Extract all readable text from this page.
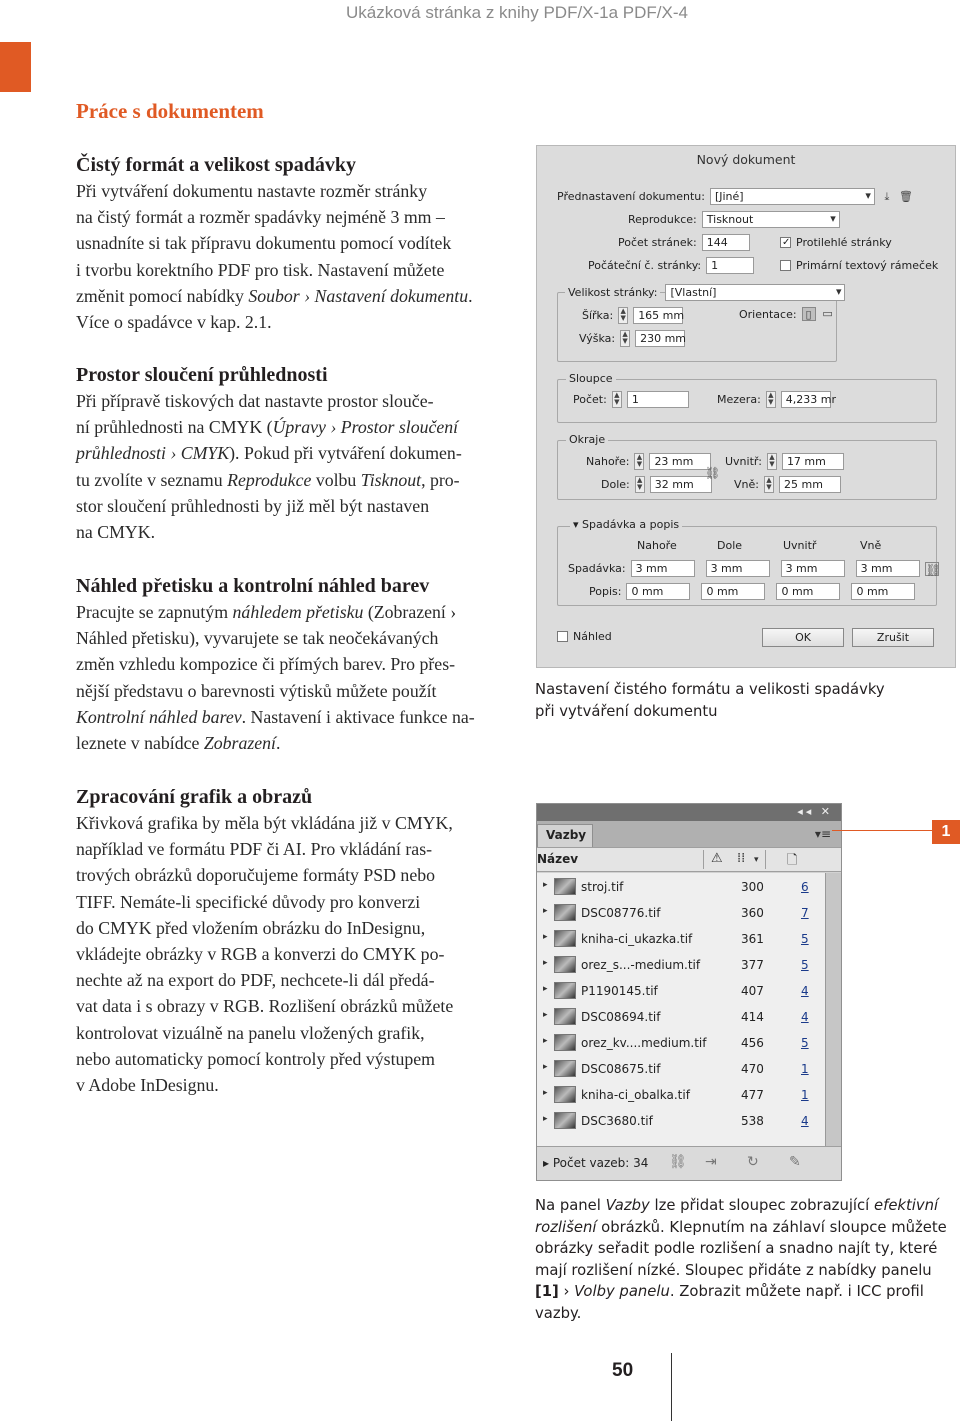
Ukázková stránka z knihy PDF/X-1a PDF/X-4
Práce s dokumentem
Čistý formát a velikost spadávky

Při vytváření dokumentu nastavte rozměr stránky
na čistý formát a rozměr spadávky nejméně 3 mm –
usnadníte si tak přípravu dokumentu pomocí vodítek
i tvorbu korektního PDF pro tisk. Nastavení můžete
změnit pomocí nabídky Soubor › Nastavení dokumentu.
Více o spadávce v kap. 2.1.

Prostor sloučení průhlednosti

Při přípravě tiskových dat nastavte prostor slouče-
ní průhlednosti na CMYK (Úpravy › Prostor sloučení
průhlednosti › CMYK). Pokud při vytváření dokumen-
tu zvolíte v seznamu Reprodukce volbu Tisknout, pro-
stor sloučení průhlednosti by již měl být nastaven
na CMYK.

Náhled přetisku a kontrolní náhled barev

Pracujte se zapnutým náhledem přetisku (Zobrazení ›
Náhled přetisku), vyvarujete se tak neočekávaných
změn vzhledu kompozice či přímých barev. Pro přes-
nější představu o barevnosti výtisků můžete použít
Kontrolní náhled barev. Nastavení i aktivace funkce na-
leznete v nabídce Zobrazení.

Zpracování grafik a obrazů

Křivková grafika by měla být vkládána již v CMYK,
například ve formátu PDF či AI. Pro vkládání ras-
trových obrázků doporučujeme formáty PSD nebo
TIFF. Nemáte-li specifické důvody pro konverzi
do CMYK před vložením obrázku do InDesignu,
vkládejte obrázky v RGB a konverzi do CMYK po-
nechte až na export do PDF, nechcete-li dál předá-
vat data i s obrazy v RGB. Rozlišení obrázků můžete
kontrolovat vizuálně na panelu vložených grafik,
nebo automaticky pomocí kontroly před výstupem
v Adobe InDesignu.

Nový dokument
Přednastavení dokumentu: [Jiné] ▾	⤓ 🗑
Reprodukce: Tisknout ▾
Počet stránek: 144
✓	Protilehlé stránky
Počáteční č. stránky: 1	Primární textový rámeček
Velikost stránky:	[Vlastní] ▾
Šířka:	▲
▼	165 mm	Orientace: ▯ ▭
Výška:	▲
▼	230 mm
Sloupce
Počet:	▲
▼	1	Mezera:	▲
▼	4,233 mr
Okraje
Nahoře:	▲
▼	23 mm
Dole:	▲
▼	32 mm
⛓
Uvnitř:	▲
▼	17 mm
Vně:	▲
▼	25 mm
▾ Spadávka a popis
Nahoře	Dole	Uvnitř	Vně
Spadávka: 3 mm	3 mm	3 mm	3 mm	⛓
Popis: 0 mm	0 mm	0 mm	0 mm
Náhled	OK	Zrušit
Nastavení čistého formátu a velikosti spadávky
při vytváření dokumentu
◂◂ ✕
Vazby	▾≡
Název	⚠ ⁞⁞ ▾ 🗋
▸	stroj.tif	300	6
▸	DSC08776.tif	360	7
▸	kniha-ci_ukazka.tif	361	5
▸	orez_s...-medium.tif	377	5
▸	P1190145.tif	407	4
▸	DSC08694.tif	414	4
▸	orez_kv....medium.tif	456	5
▸	DSC08675.tif	470	1
▸	kniha-ci_obalka.tif	477	1
▸	DSC3680.tif	538	4
▸ Počet vazeb: 34 ⛓ ⇥ ↻ ✎
1
Na panel Vazby lze přidat sloupec zobrazující efektivní
rozlišení obrázků. Klepnutím na záhlaví sloupce můžete
obrázky seřadit podle rozlišení a snadno najít ty, které
mají rozlišení nízké. Sloupec přidáte z nabídky panelu
[1] › Volby panelu. Zobrazit můžete např. i ICC profil vazby.
50
